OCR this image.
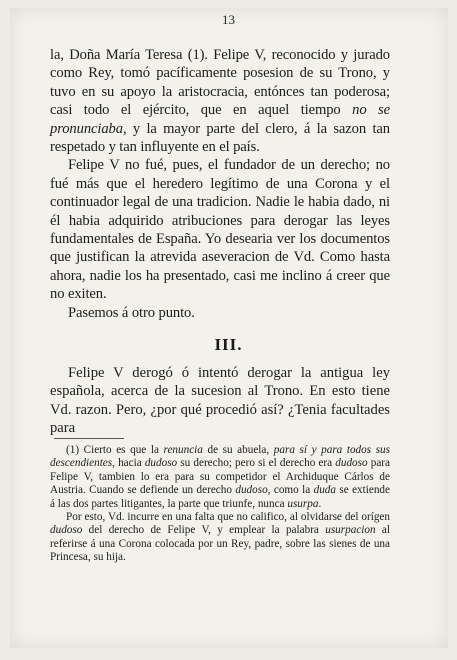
13

la, Doña María Teresa (1). Felipe V, reconocido y jurado como Rey, tomó pacíficamente posesion de su Trono, y tuvo en su apoyo la aristocracia, entónces tan poderosa; casi todo el ejército, que en aquel tiempo no se pronunciaba, y la mayor parte del clero, á la sazon tan respetado y tan influyente en el país.

Felipe V no fué, pues, el fundador de un derecho; no fué más que el heredero legítimo de una Corona y el continuador legal de una tradicion. Nadie le habia dado, ni él habia adquirido atribuciones para derogar las leyes fundamentales de España. Yo desearia ver los documentos que justifican la atrevida aseveracion de Vd. Como hasta ahora, nadie los ha presentado, casi me inclino á creer que no exiten.

Pasemos á otro punto.

III.

Felipe V derogó ó intentó derogar la antigua ley española, acerca de la sucesion al Trono. En esto tiene Vd. razon. Pero, ¿por qué procedió así? ¿Tenia facultades para

(1) Cierto es que la renuncia de su abuela, para sí y para todos sus descendientes, hacia dudoso su derecho; pero si el derecho era dudoso para Felipe V, tambien lo era para su competidor el Archiduque Cárlos de Austria. Cuando se defiende un derecho dudoso, como la duda se extiende á las dos partes litigantes, la parte que triunfe, nunca usurpa.

Por esto, Vd. incurre en una falta que no califico, al olvidarse del orígen dudoso del derecho de Felipe V, y emplear la palabra usurpacion al referirse á una Corona colocada por un Rey, padre, sobre las sienes de una Princesa, su hija.
